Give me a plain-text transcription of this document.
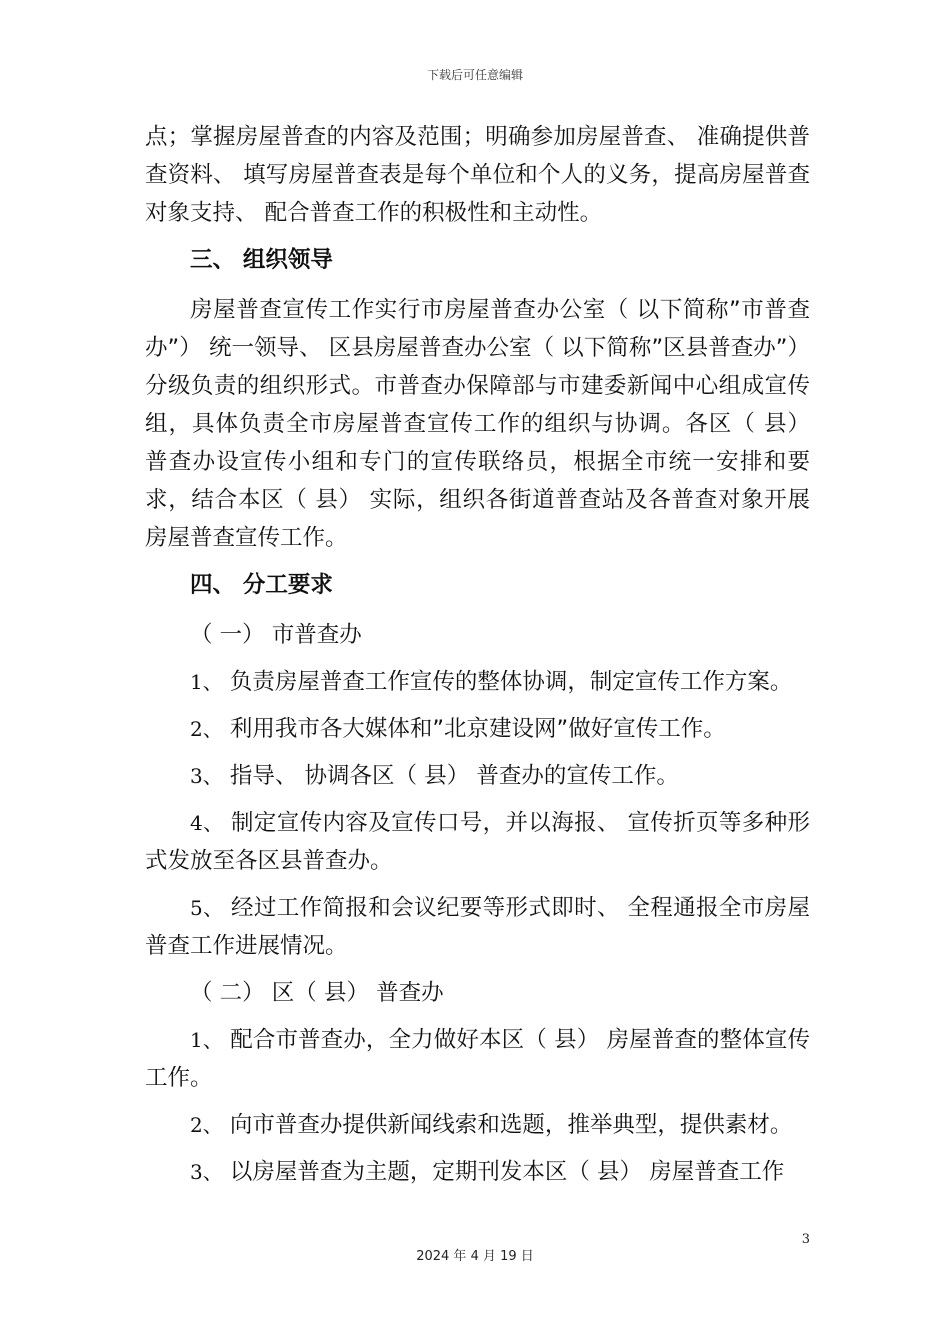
下载后可任意编辑

点；掌握房屋普查的内容及范围；明确参加房屋普查、 准确提供普查资料、 填写房屋普查表是每个单位和个人的义务，提高房屋普查对象支持、 配合普查工作的积极性和主动性。

三、 组织领导

房屋普查宣传工作实行市房屋普查办公室（ 以下简称”市普查办”） 统一领导、 区县房屋普查办公室（ 以下简称”区县普查办”） 分级负责的组织形式。市普查办保障部与市建委新闻中心组成宣传组，具体负责全市房屋普查宣传工作的组织与协调。各区（ 县） 普查办设宣传小组和专门的宣传联络员，根据全市统一安排和要求，结合本区（ 县） 实际，组织各街道普查站及各普查对象开展房屋普查宣传工作。

四、 分工要求
（ 一） 市普查办

1、 负责房屋普查工作宣传的整体协调，制定宣传工作方案。

2、 利用我市各大媒体和”北京建设网”做好宣传工作。

3、 指导、 协调各区（ 县） 普查办的宣传工作。

4、 制定宣传内容及宣传口号，并以海报、 宣传折页等多种形式发放至各区县普查办。

5、 经过工作简报和会议纪要等形式即时、 全程通报全市房屋普查工作进展情况。

（ 二） 区（ 县） 普查办

1、 配合市普查办，全力做好本区（ 县） 房屋普查的整体宣传工作。

2、 向市普查办提供新闻线索和选题，推举典型，提供素材。

3、 以房屋普查为主题，定期刊发本区（ 县） 房屋普查工作

3
2024 年 4 月 19 日
